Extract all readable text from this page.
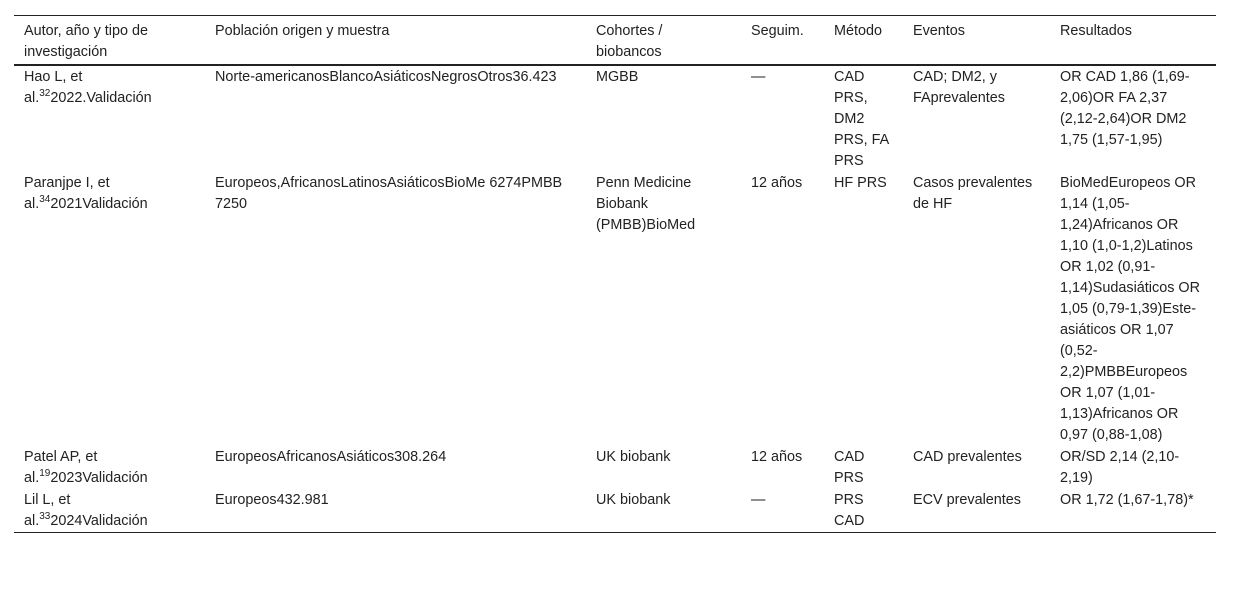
Autor, año y tipo de investigación	Población origen y muestra	Cohortes / biobancos	Seguim.	Método	Eventos	Resultados
Hao L, et al.$^{32}$2022.Validación	Norte-americanosBlancoAsiáticosNegrosOtros36.423	MGBB	—	CAD PRS, DM2 PRS, FA PRS	CAD; DM2, y FAprevalentes	OR CAD 1,86 (1,69-2,06)OR FA 2,37 (2,12-2,64)OR DM2 1,75 (1,57-1,95)
Paranjpe I, et al.$^{34}$2021Validación	Europeos,AfricanosLatinosAsiáticosBioMe 6274PMBB 7250	Penn Medicine Biobank (PMBB)BioMed	12 años	HF PRS	Casos prevalentes de HF	BioMedEuropeos OR 1,14 (1,05-1,24)Africanos OR 1,10 (1,0-1,2)Latinos OR 1,02 (0,91-1,14)Sudasiáticos OR 1,05 (0,79-1,39)Este-asiáticos OR 1,07 (0,52-2,2)PMBBEuropeos OR 1,07 (1,01-1,13)Africanos OR 0,97 (0,88-1,08)
Patel AP, et al.$^{19}$2023Validación	EuropeosAfricanosAsiáticos308.264	UK biobank	12 años	CAD PRS	CAD prevalentes	OR/SD 2,14 (2,10-2,19)
Lil L, et al.$^{33}$2024Validación	Europeos432.981	UK biobank	—	PRS CAD	ECV prevalentes	OR 1,72 (1,67-1,78)*
